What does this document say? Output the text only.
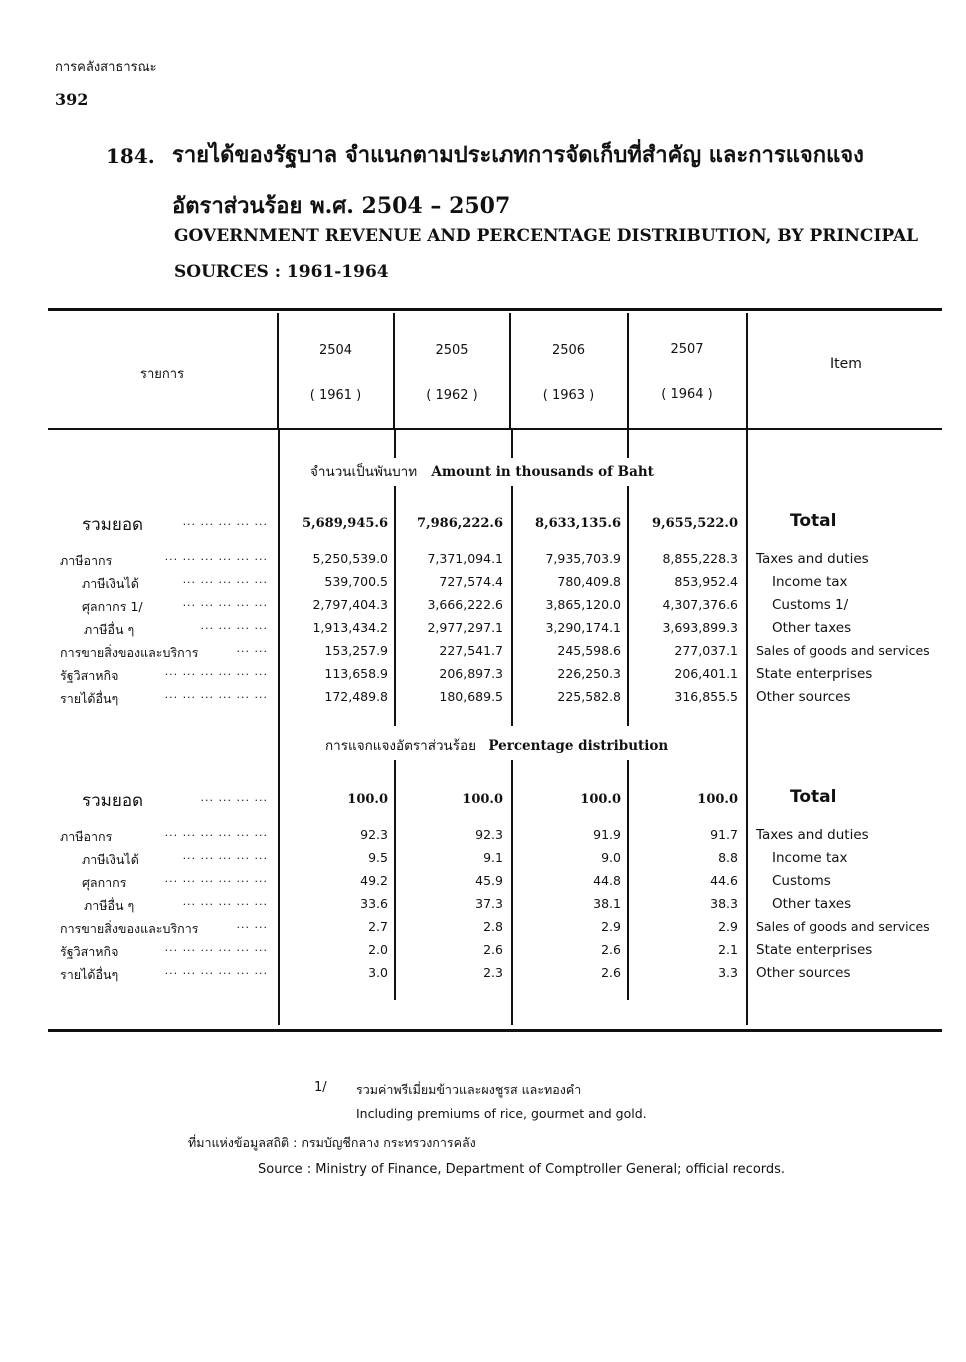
การคลังสาธารณะ
392
184. รายได้ของรัฐบาล จำแนกตามประเภทการจัดเก็บที่สำคัญ และการแจกแจง
อัตราส่วนร้อย พ.ศ. 2504 – 2507
GOVERNMENT REVENUE AND PERCENTAGE DISTRIBUTION, BY PRINCIPAL
SOURCES : 1961-1964
รายการ
Item
2504
( 1961 )
2505
( 1962 )
2506
( 1963 )
2507
( 1964 )
จำนวนเป็นพันบาท Amount in thousands of Baht
การแจกแจงอัตราส่วนร้อย Percentage distribution
รวมยอด	... ... ... ... ...	5,689,945.6 7,986,222.6 8,633,135.6 9,655,522.0	Total
ภาษีอากร	... ... ... ... ... ...	5,250,539.0	7,371,094.1	7,935,703.9	8,855,228.3 Taxes and duties
ภาษีเงินได้	... ... ... ... ...	539,700.5	727,574.4	780,409.8	853,952.4	Income tax
ศุลกากร 1/	... ... ... ... ...	2,797,404.3	3,666,222.6	3,865,120.0	4,307,376.6	Customs 1/
ภาษีอื่น ๆ	... ... ... ...	1,913,434.2	2,977,297.1	3,290,174.1	3,693,899.3	Other taxes
การขายสิ่งของและบริการ	... ...	153,257.9	227,541.7	245,598.6	277,037.1 Sales of goods and services
รัฐวิสาหกิจ	... ... ... ... ... ...	113,658.9	206,897.3	226,250.3	206,401.1 State enterprises
รายได้อื่นๆ	... ... ... ... ... ...	172,489.8	180,689.5	225,582.8	316,855.5 Other sources
รวมยอด	... ... ... ...	100.0	100.0	100.0	100.0	Total
ภาษีอากร	... ... ... ... ... ...	92.3	92.3	91.9	91.7 Taxes and duties
ภาษีเงินได้	... ... ... ... ...	9.5	9.1	9.0	8.8	Income tax
ศุลกากร	... ... ... ... ... ...	49.2	45.9	44.8	44.6	Customs
ภาษีอื่น ๆ	... ... ... ... ...	33.6	37.3	38.1	38.3	Other taxes
การขายสิ่งของและบริการ	... ...	2.7	2.8	2.9	2.9 Sales of goods and services
รัฐวิสาหกิจ	... ... ... ... ... ...	2.0	2.6	2.6	2.1 State enterprises
รายได้อื่นๆ	... ... ... ... ... ...	3.0	2.3	2.6	3.3 Other sources
1/ รวมค่าพรีเมี่ยมข้าวและผงชูรส และทองคำ
Including premiums of rice, gourmet and gold.
ที่มาแห่งข้อมูลสถิติ : กรมบัญชีกลาง กระทรวงการคลัง
Source : Ministry of Finance, Department of Comptroller General; official records.
